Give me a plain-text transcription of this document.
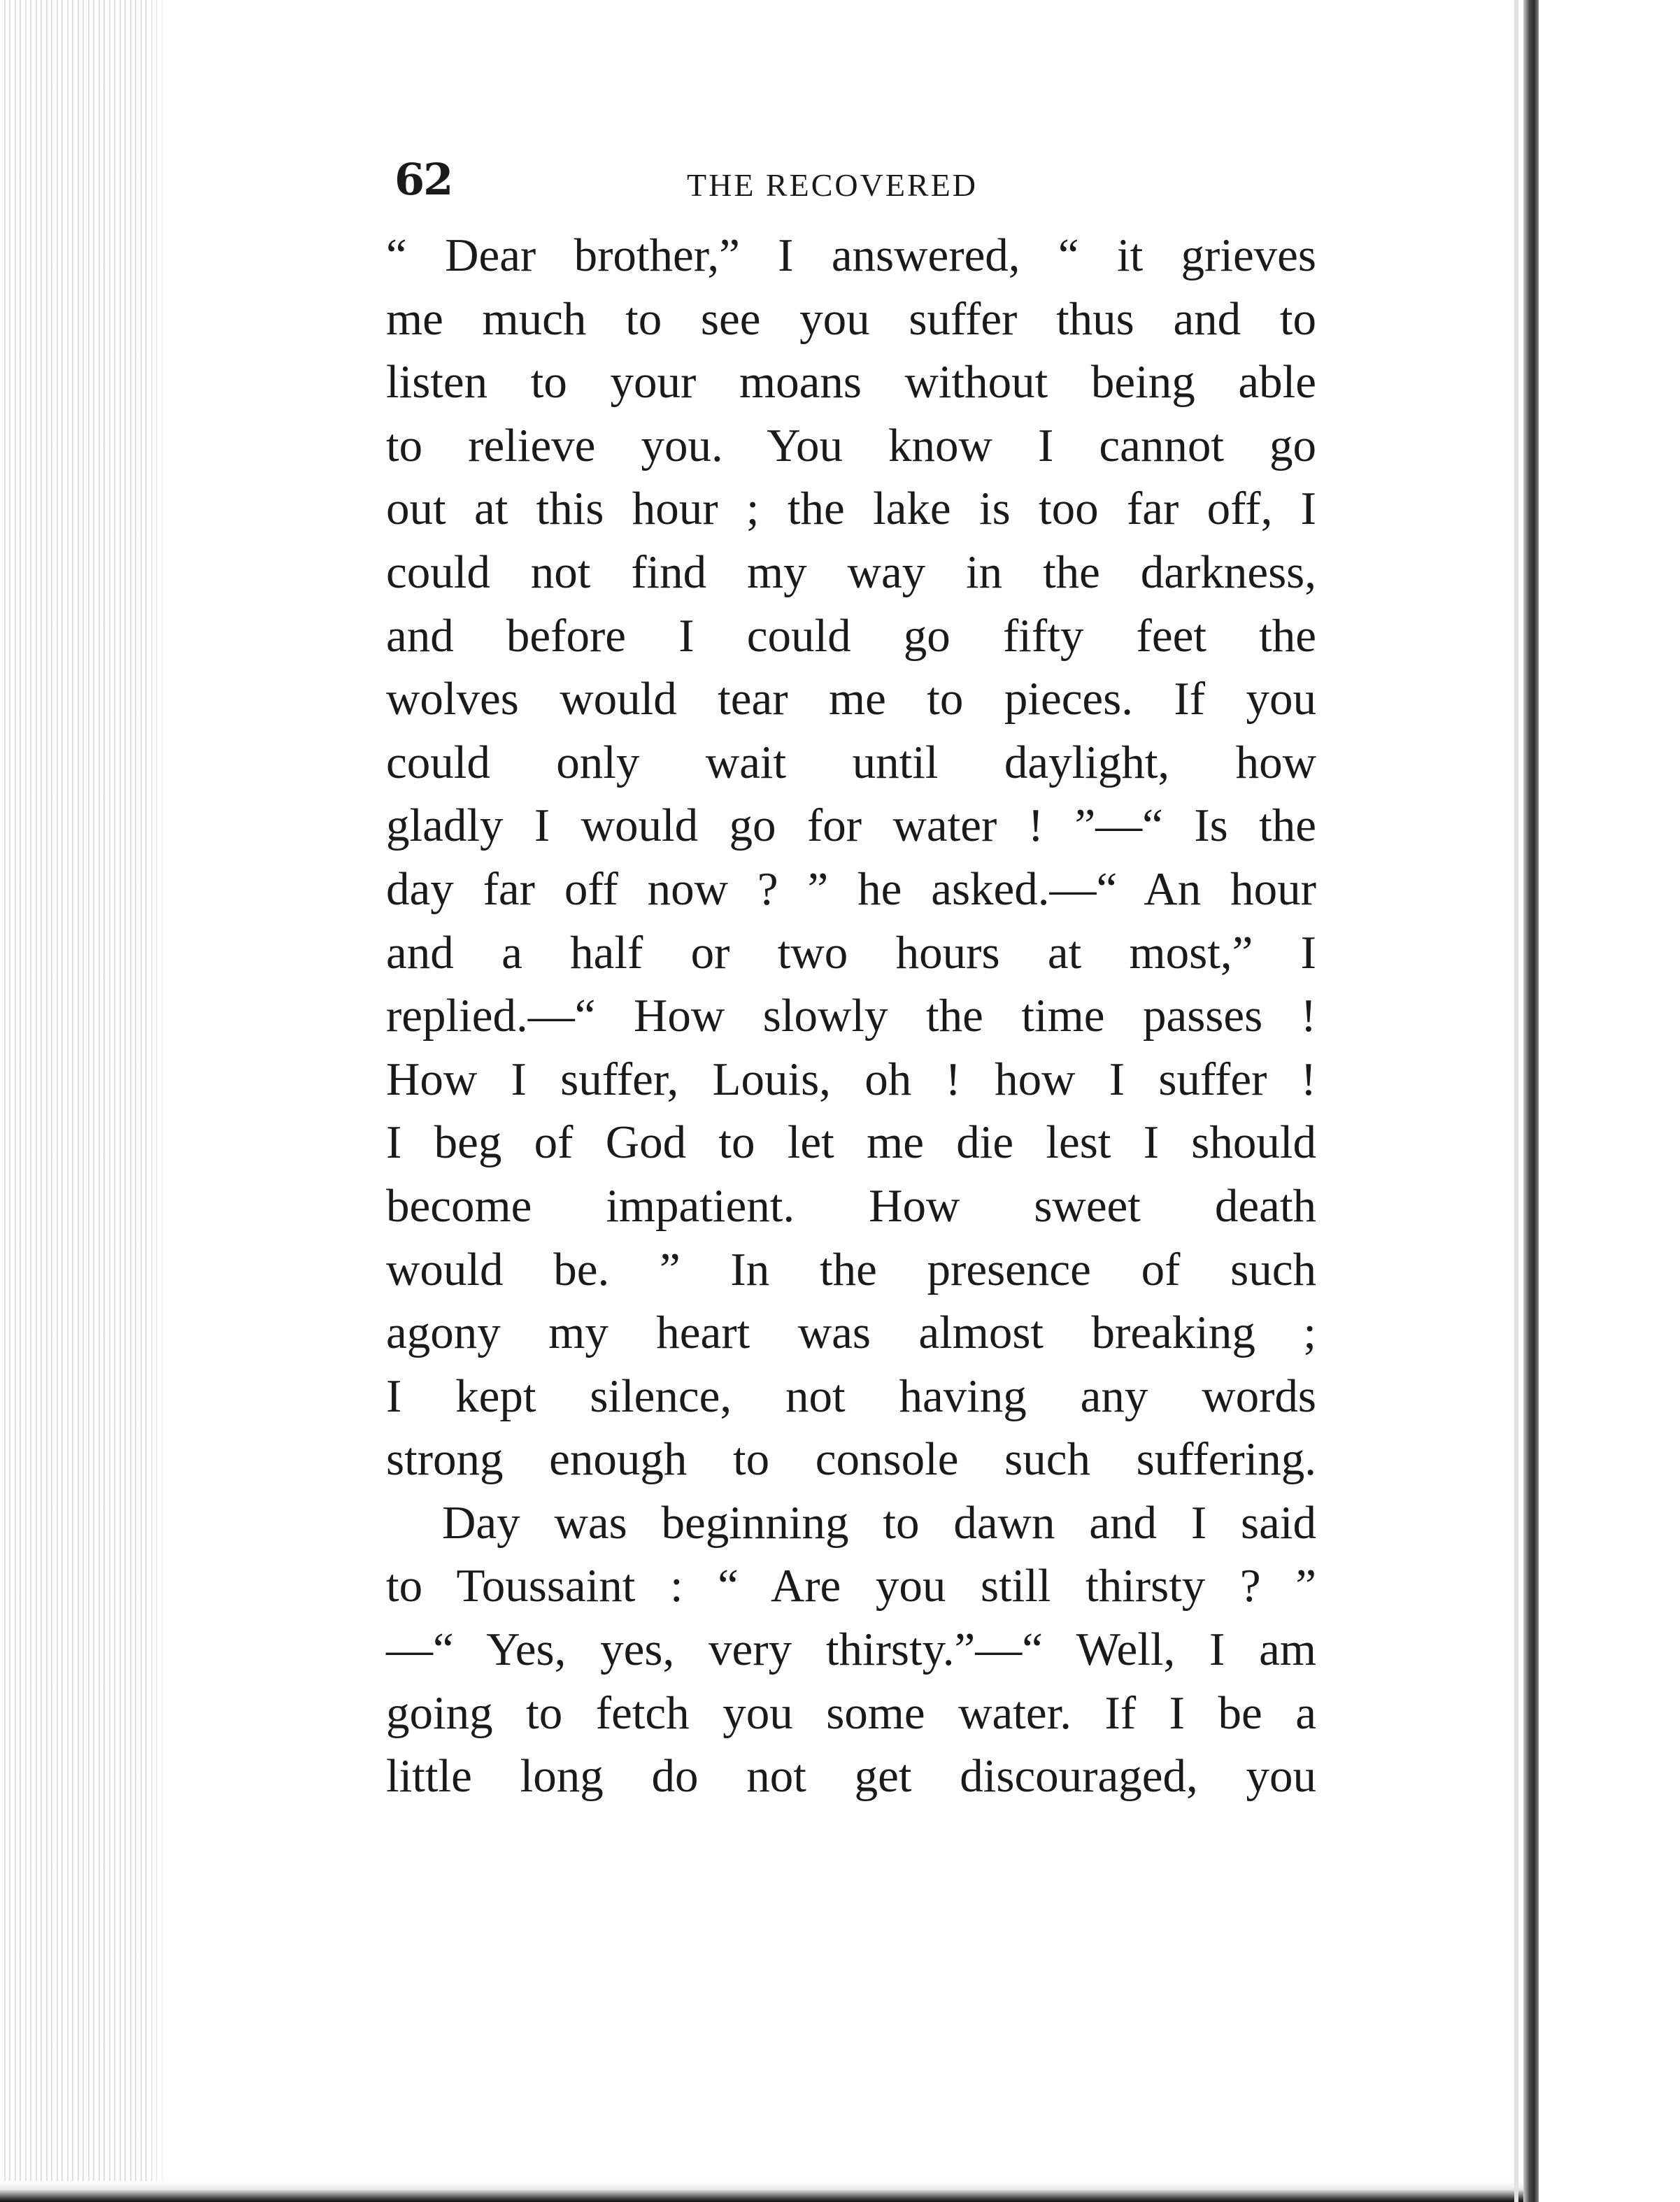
62	THE RECOVERED
“ Dear brother,” I answered, “ it grieves
me much to see you suffer thus and to
listen to your moans without being able
to relieve you. You know I cannot go
out at this hour ; the lake is too far off, I
could not find my way in the darkness,
and before I could go fifty feet the
wolves would tear me to pieces. If you
could only wait until daylight, how
gladly I would go for water ! ”—“ Is the
day far off now ? ” he asked.—“ An hour
and a half or two hours at most,” I
replied.—“ How slowly the time passes !
How I suffer, Louis, oh ! how I suffer !
I beg of God to let me die lest I should
become impatient. How sweet death
would be. ” In the presence of such
agony my heart was almost breaking ;
I kept silence, not having any words
strong enough to console such suffering.
Day was beginning to dawn and I said
to Toussaint : “ Are you still thirsty ? ”
—“ Yes, yes, very thirsty.”—“ Well, I am
going to fetch you some water. If I be a
little long do not get discouraged, you
